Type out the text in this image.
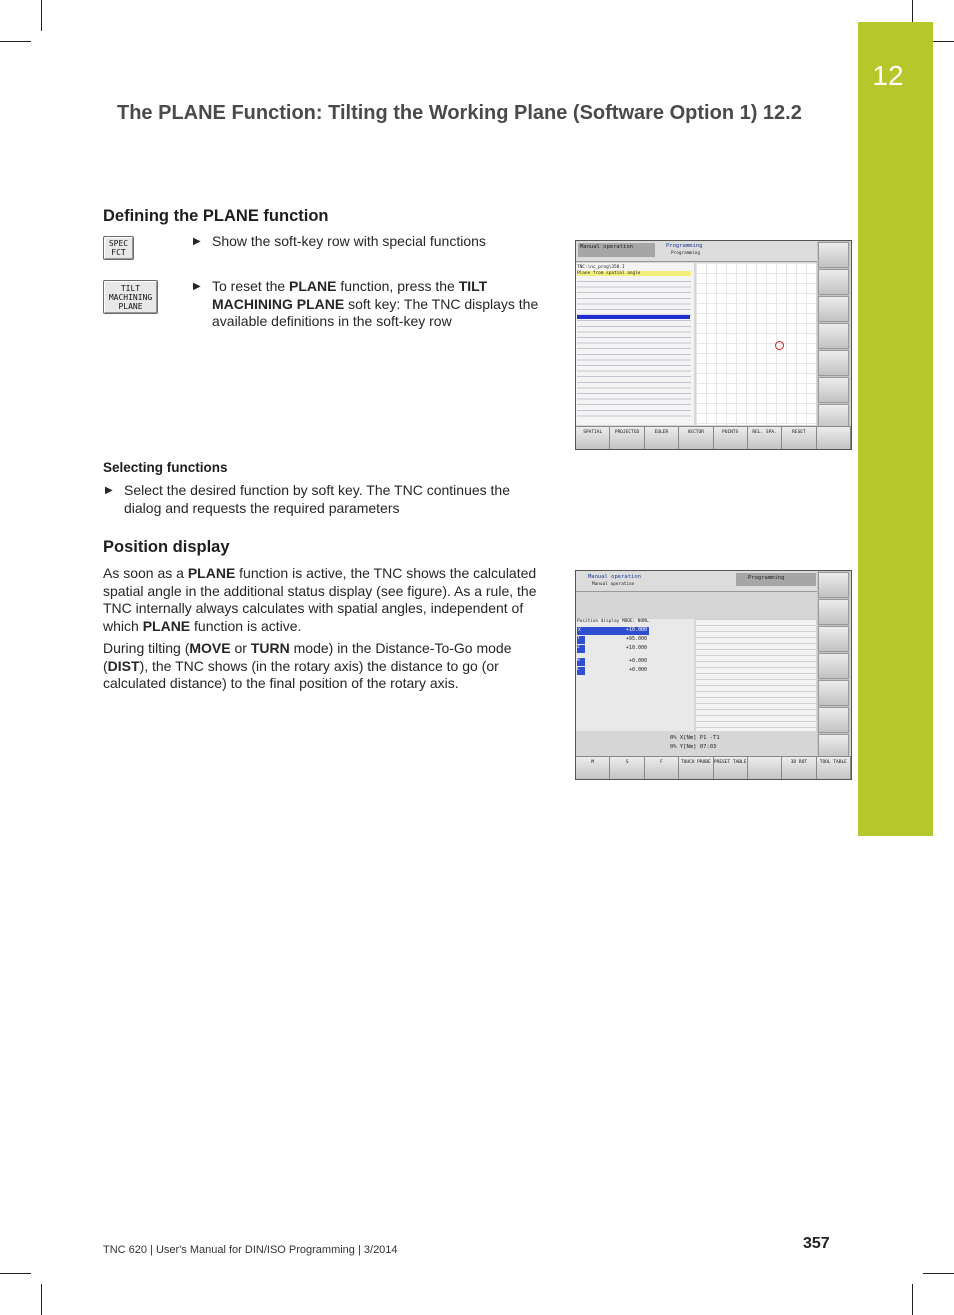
12
The PLANE Function: Tilting the Working Plane (Software Option 1) 12.2
Defining the PLANE function
SPEC
FCT
▶ Show the soft-key row with special functions
TILT
MACHINING
PLANE
▶ To reset the PLANE function, press the TILT MACHINING PLANE soft key: The TNC displays the available definitions in the soft-key row
Manual operation	Programming
Programming
TNC:\nc_prog\350.I
Plane from spatial angle
SPATIAL	PROJECTED	EULER	VECTOR	POINTS	REL. SPA.	RESET
Selecting functions
▶ Select the desired function by soft key. The TNC continues the dialog and requests the required parameters
Position display

As soon as a PLANE function is active, the TNC shows the calculated spatial angle in the additional status display (see figure). As a rule, the TNC internally always calculates with spatial angles, independent of which PLANE function is active.

During tilting (MOVE or TURN mode) in the Distance-To-Go mode (DIST), the TNC shows (in the rotary axis) the distance to go (or calculated distance) to the final position of the rotary axis.

Manual operation
Manual operation
Programming
Position display MODE: NOML.
X	+10.000
Y	+95.000
Z	+10.000
B	+0.000
C	+0.000
0% X[Nm] P1 -T1
0% Y[Nm] 07:03
M	S	F	TOUCH PROBE PRESET TABLE	3D ROT	TOOL TABLE
TNC 620 | User's Manual for DIN/ISO Programming | 3/2014	357
